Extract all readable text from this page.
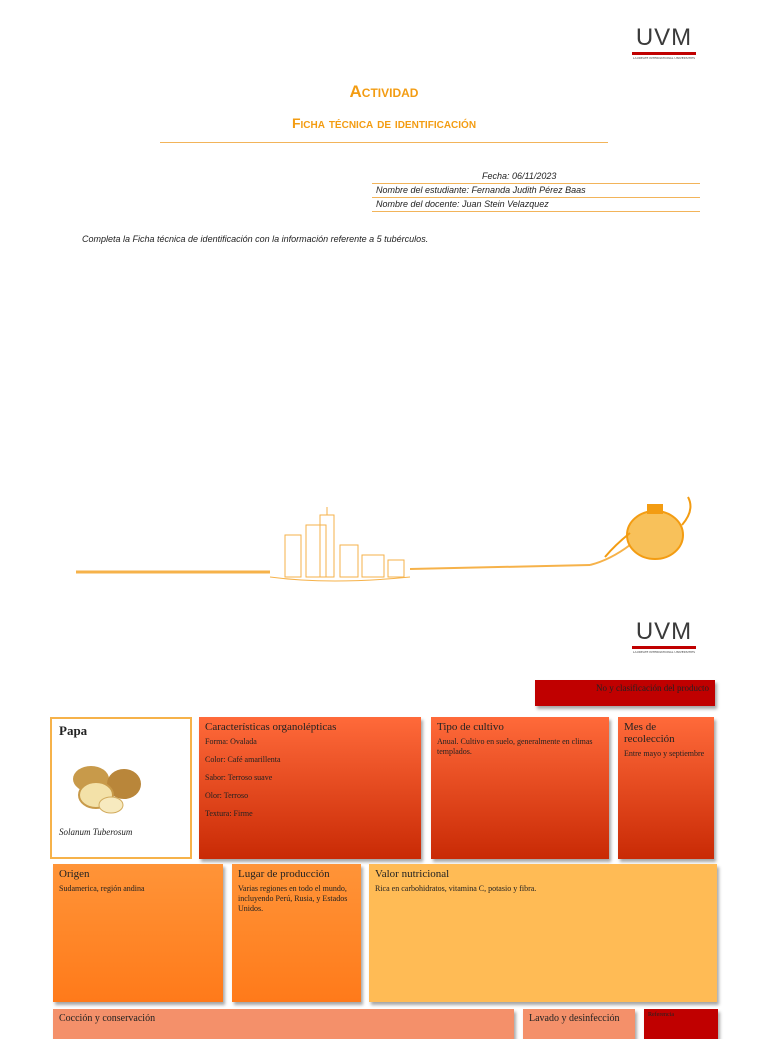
UVM
LAUREATE INTERNATIONAL UNIVERSITIES
Actividad
Ficha técnica de identificación
Fecha: 06/11/2023
Nombre del estudiante: Fernanda Judith Pérez Baas
Nombre del docente: Juan Stein Velazquez
Completa la Ficha técnica de identificación con la información referente a 5 tubérculos.
UVM
LAUREATE INTERNATIONAL UNIVERSITIES
No y clasificación del producto
Papa
Solanum Tuberosum
Características organolépticas
Forma: Ovalada
Color: Café amarillenta
Sabor: Terroso suave
Olor: Terroso
Textura: Firme
Tipo de cultivo
Anual. Cultivo en suelo, generalmente en climas templados.
Mes de recolección
Entre mayo y septiembre
Origen
Sudamerica, región andina
Lugar de producción
Varias regiones en todo el mundo, incluyendo Perú, Rusia, y Estados Unidos.
Valor nutricional
Rica en carbohidratos, vitamina C, potasio y fibra.
Cocción y conservación	Lavado y desinfección	Referencia
